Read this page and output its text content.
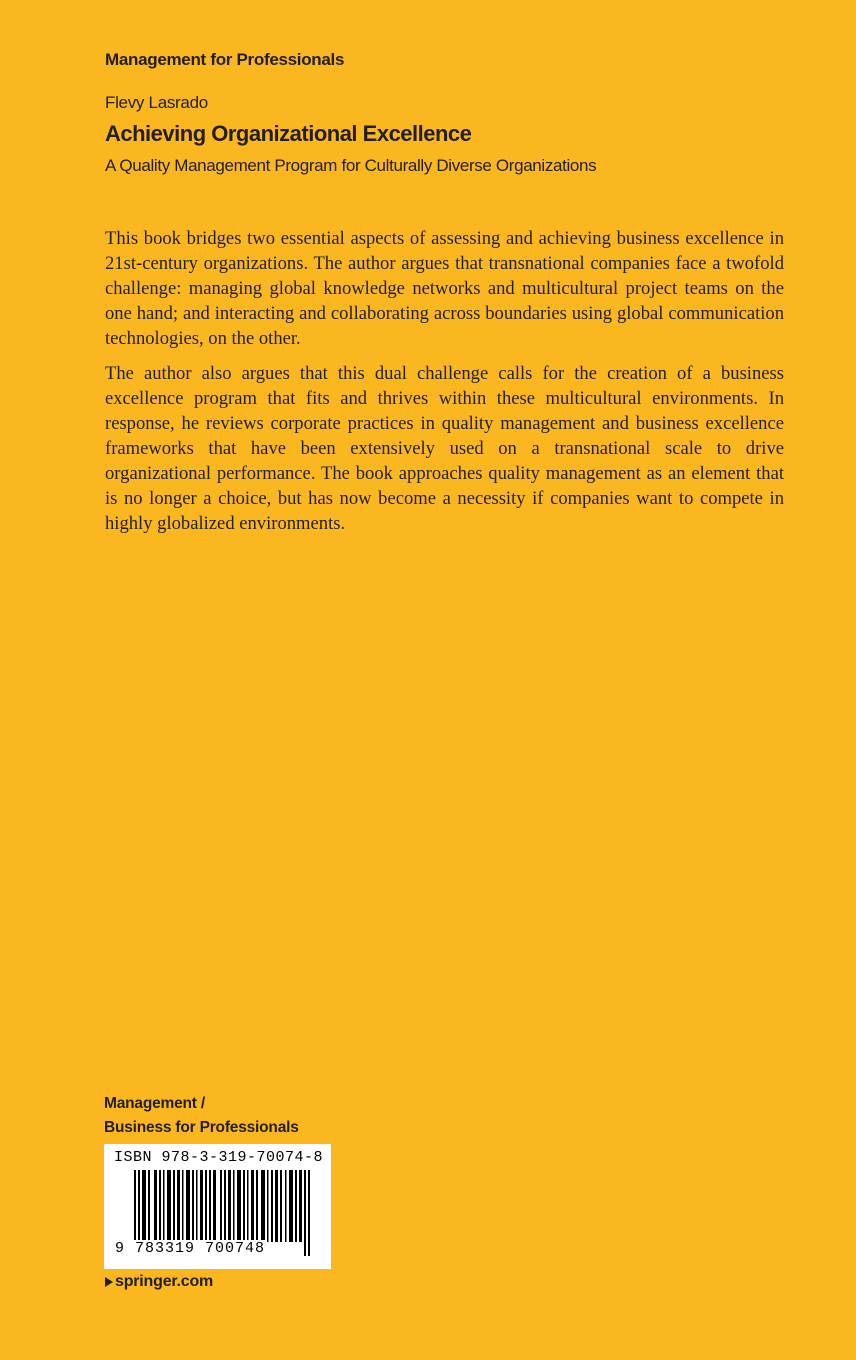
Management for Professionals
Flevy Lasrado
Achieving Organizational Excellence
A Quality Management Program for Culturally Diverse Organizations

This book bridges two essential aspects of assessing and achieving business excellence in 21st-century organizations. The author argues that transnational companies face a twofold challenge: managing global knowledge networks and multicultural project teams on the one hand; and interacting and collaborating across boundaries using global communication technologies, on the other.

The author also argues that this dual challenge calls for the creation of a business excellence program that fits and thrives within these multicultural environments. In response, he reviews corporate practices in quality management and business excellence frameworks that have been extensively used on a transnational scale to drive organizational performance. The book approaches quality management as an element that is no longer a choice, but has now become a necessity if companies want to compete in highly globalized environments.

Management /
Business for Professionals
ISBN 978-3-319-70074-8
9 783319 700748
springer.com
